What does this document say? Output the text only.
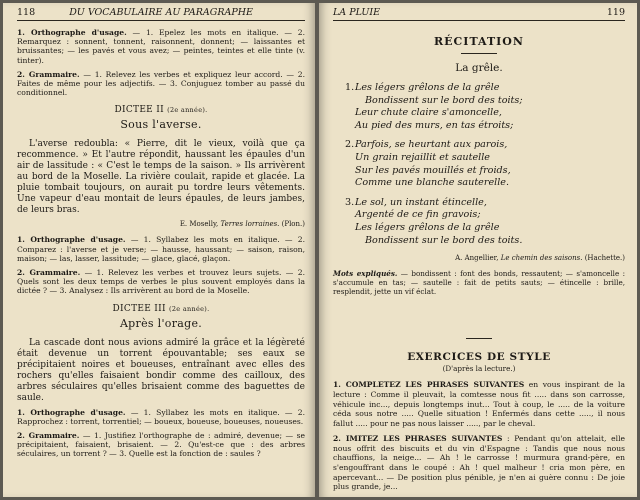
118	DU VOCABULAIRE AU PARAGRAPHE

1. Orthographe d'usage. — 1. Epelez les mots en italique. — 2. Remarquez : sonnent, tonnent, raisonnent, donnent; — laissantes et bruissantes; — les pavés et vous avez; — peintes, teintes et elle tinte (v. tinter).

2. Grammaire. — 1. Relevez les verbes et expliquez leur accord. — 2. Faites de même pour les adjectifs. — 3. Conjuguez tomber au passé du conditionnel.

DICTEE II (2e année).
Sous l'averse.

L'averse redoubla: « Pierre, dit le vieux, voilà que ça recommence. » Et l'autre répondit, haussant les épaules d'un air de lassitude : « C'est le temps de la saison. » Ils arrivèrent au bord de la Moselle. La rivière coulait, rapide et glacée. La pluie tombait toujours, on aurait pu tordre leurs vêtements. Une vapeur d'eau montait de leurs épaules, de leurs jambes, de leurs bras.

E. Moselly, Terres lorraines. (Plon.)

1. Orthographe d'usage. — 1. Syllabez les mots en italique. — 2. Comparez : l'averse et je verse; — hausse, haussant; — saison, raison, maison; — las, lasser, lassitude; — glace, glacé, glaçon.

2. Grammaire. — 1. Relevez les verbes et trouvez leurs sujets. — 2. Quels sont les deux temps de verbes le plus souvent employés dans la dictée ? — 3. Analysez : Ils arrivèrent au bord de la Moselle.

DICTEE III (2e année).
Après l'orage.

La cascade dont nous avions admiré la grâce et la légèreté était devenue un torrent épouvantable; ses eaux se précipitaient noires et boueuses, entraînant avec elles des rochers qu'elles faisaient bondir comme des cailloux, des arbres séculaires qu'elles brisaient comme des baguettes de saule.

1. Orthographe d'usage. — 1. Syllabez les mots en italique. — 2. Rapprochez : torrent, torrentiel; — boueux, boueuse, boueuses, noueuses.

2. Grammaire. — 1. Justifiez l'orthographe de : admiré, devenue; — se précipitaient, faisaient, brisaient. — 2. Qu'est-ce que : des arbres séculaires, un torrent ? — 3. Quelle est la fonction de : saules ?

LA PLUIE	119
RÉCITATION
La grêle.
1.Les légers grêlons de la grêle
Bondissent sur le bord des toits;
Leur chute claire s'amoncelle,
Au pied des murs, en tas étroits;
2.Parfois, se heurtant aux parois,
Un grain rejaillit et sautelle
Sur les pavés mouillés et froids,
Comme une blanche sauterelle.
3.Le sol, un instant étincelle,
Argenté de ce fin gravois;
Les légers grêlons de la grêle
Bondissent sur le bord des toits.

A. Angellier, Le chemin des saisons. (Hachette.)

Mots expliqués. — bondissent : font des bonds, ressautent; — s'amoncelle : s'accumule en tas; — sautelle : fait de petits sauts; — étincelle : brille, resplendit, jette un vif éclat.

EXERCICES DE STYLE
(D'après la lecture.)

1. COMPLETEZ LES PHRASES SUIVANTES en vous inspirant de la lecture : Comme il pleuvait, la comtesse nous fit ..... dans son carrosse, véhicule inc..., depuis longtemps inut... Tout à coup, le ..... de la voiture céda sous notre ..... Quelle situation ! Enfermés dans cette ....., il nous fallut ..... pour ne pas nous laisser ....., par le cheval.

2. IMITEZ LES PHRASES SUIVANTES : Pendant qu'on attelait, elle nous offrit des biscuits et du vin d'Espagne : Tandis que nous nous chauffions, la neige... — Ah ! le carrosse ! murmura grand-père, en s'engouffrant dans le coupé : Ah ! quel malheur ! cria mon père, en apercevant... — De position plus pénible, je n'en ai guère connu : De joie plus grande, je...
